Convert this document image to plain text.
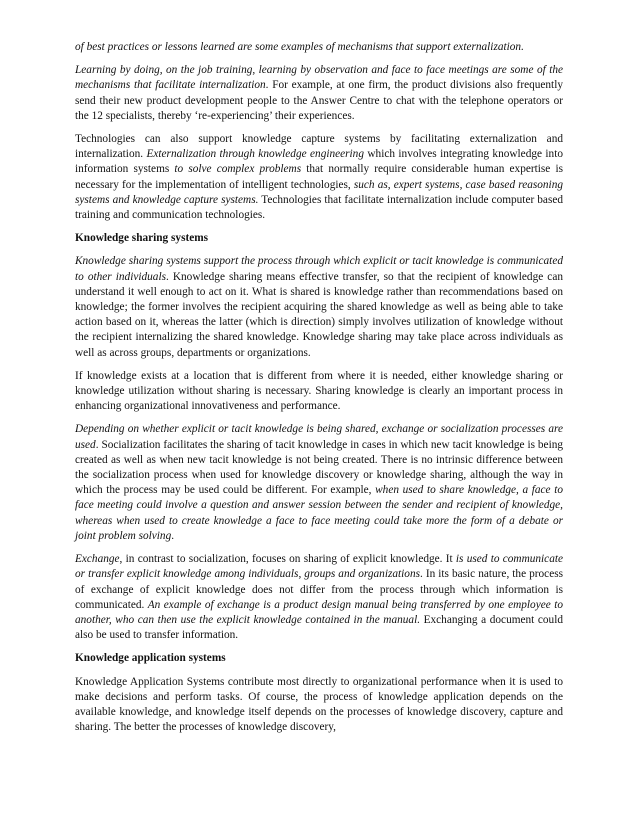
of best practices or lessons learned are some examples of mechanisms that support externalization.

Learning by doing, on the job training, learning by observation and face to face meetings are some of the mechanisms that facilitate internalization. For example, at one firm, the product divisions also frequently send their new product development people to the Answer Centre to chat with the telephone operators or the 12 specialists, thereby ‘re-experiencing’ their experiences.

Technologies can also support knowledge capture systems by facilitating externalization and internalization. Externalization through knowledge engineering which involves integrating knowledge into information systems to solve complex problems that normally require considerable human expertise is necessary for the implementation of intelligent technologies, such as, expert systems, case based reasoning systems and knowledge capture systems. Technologies that facilitate internalization include computer based training and communication technologies.

Knowledge sharing systems

Knowledge sharing systems support the process through which explicit or tacit knowledge is communicated to other individuals. Knowledge sharing means effective transfer, so that the recipient of knowledge can understand it well enough to act on it. What is shared is knowledge rather than recommendations based on knowledge; the former involves the recipient acquiring the shared knowledge as well as being able to take action based on it, whereas the latter (which is direction) simply involves utilization of knowledge without the recipient internalizing the shared knowledge. Knowledge sharing may take place across individuals as well as across groups, departments or organizations.

If knowledge exists at a location that is different from where it is needed, either knowledge sharing or knowledge utilization without sharing is necessary. Sharing knowledge is clearly an important process in enhancing organizational innovativeness and performance.

Depending on whether explicit or tacit knowledge is being shared, exchange or socialization processes are used. Socialization facilitates the sharing of tacit knowledge in cases in which new tacit knowledge is being created as well as when new tacit knowledge is not being created. There is no intrinsic difference between the socialization process when used for knowledge discovery or knowledge sharing, although the way in which the process may be used could be different. For example, when used to share knowledge, a face to face meeting could involve a question and answer session between the sender and recipient of knowledge, whereas when used to create knowledge a face to face meeting could take more the form of a debate or joint problem solving.

Exchange, in contrast to socialization, focuses on sharing of explicit knowledge. It is used to communicate or transfer explicit knowledge among individuals, groups and organizations. In its basic nature, the process of exchange of explicit knowledge does not differ from the process through which information is communicated. An example of exchange is a product design manual being transferred by one employee to another, who can then use the explicit knowledge contained in the manual. Exchanging a document could also be used to transfer information.

Knowledge application systems

Knowledge Application Systems contribute most directly to organizational performance when it is used to make decisions and perform tasks. Of course, the process of knowledge application depends on the available knowledge, and knowledge itself depends on the processes of knowledge discovery, capture and sharing. The better the processes of knowledge discovery,
